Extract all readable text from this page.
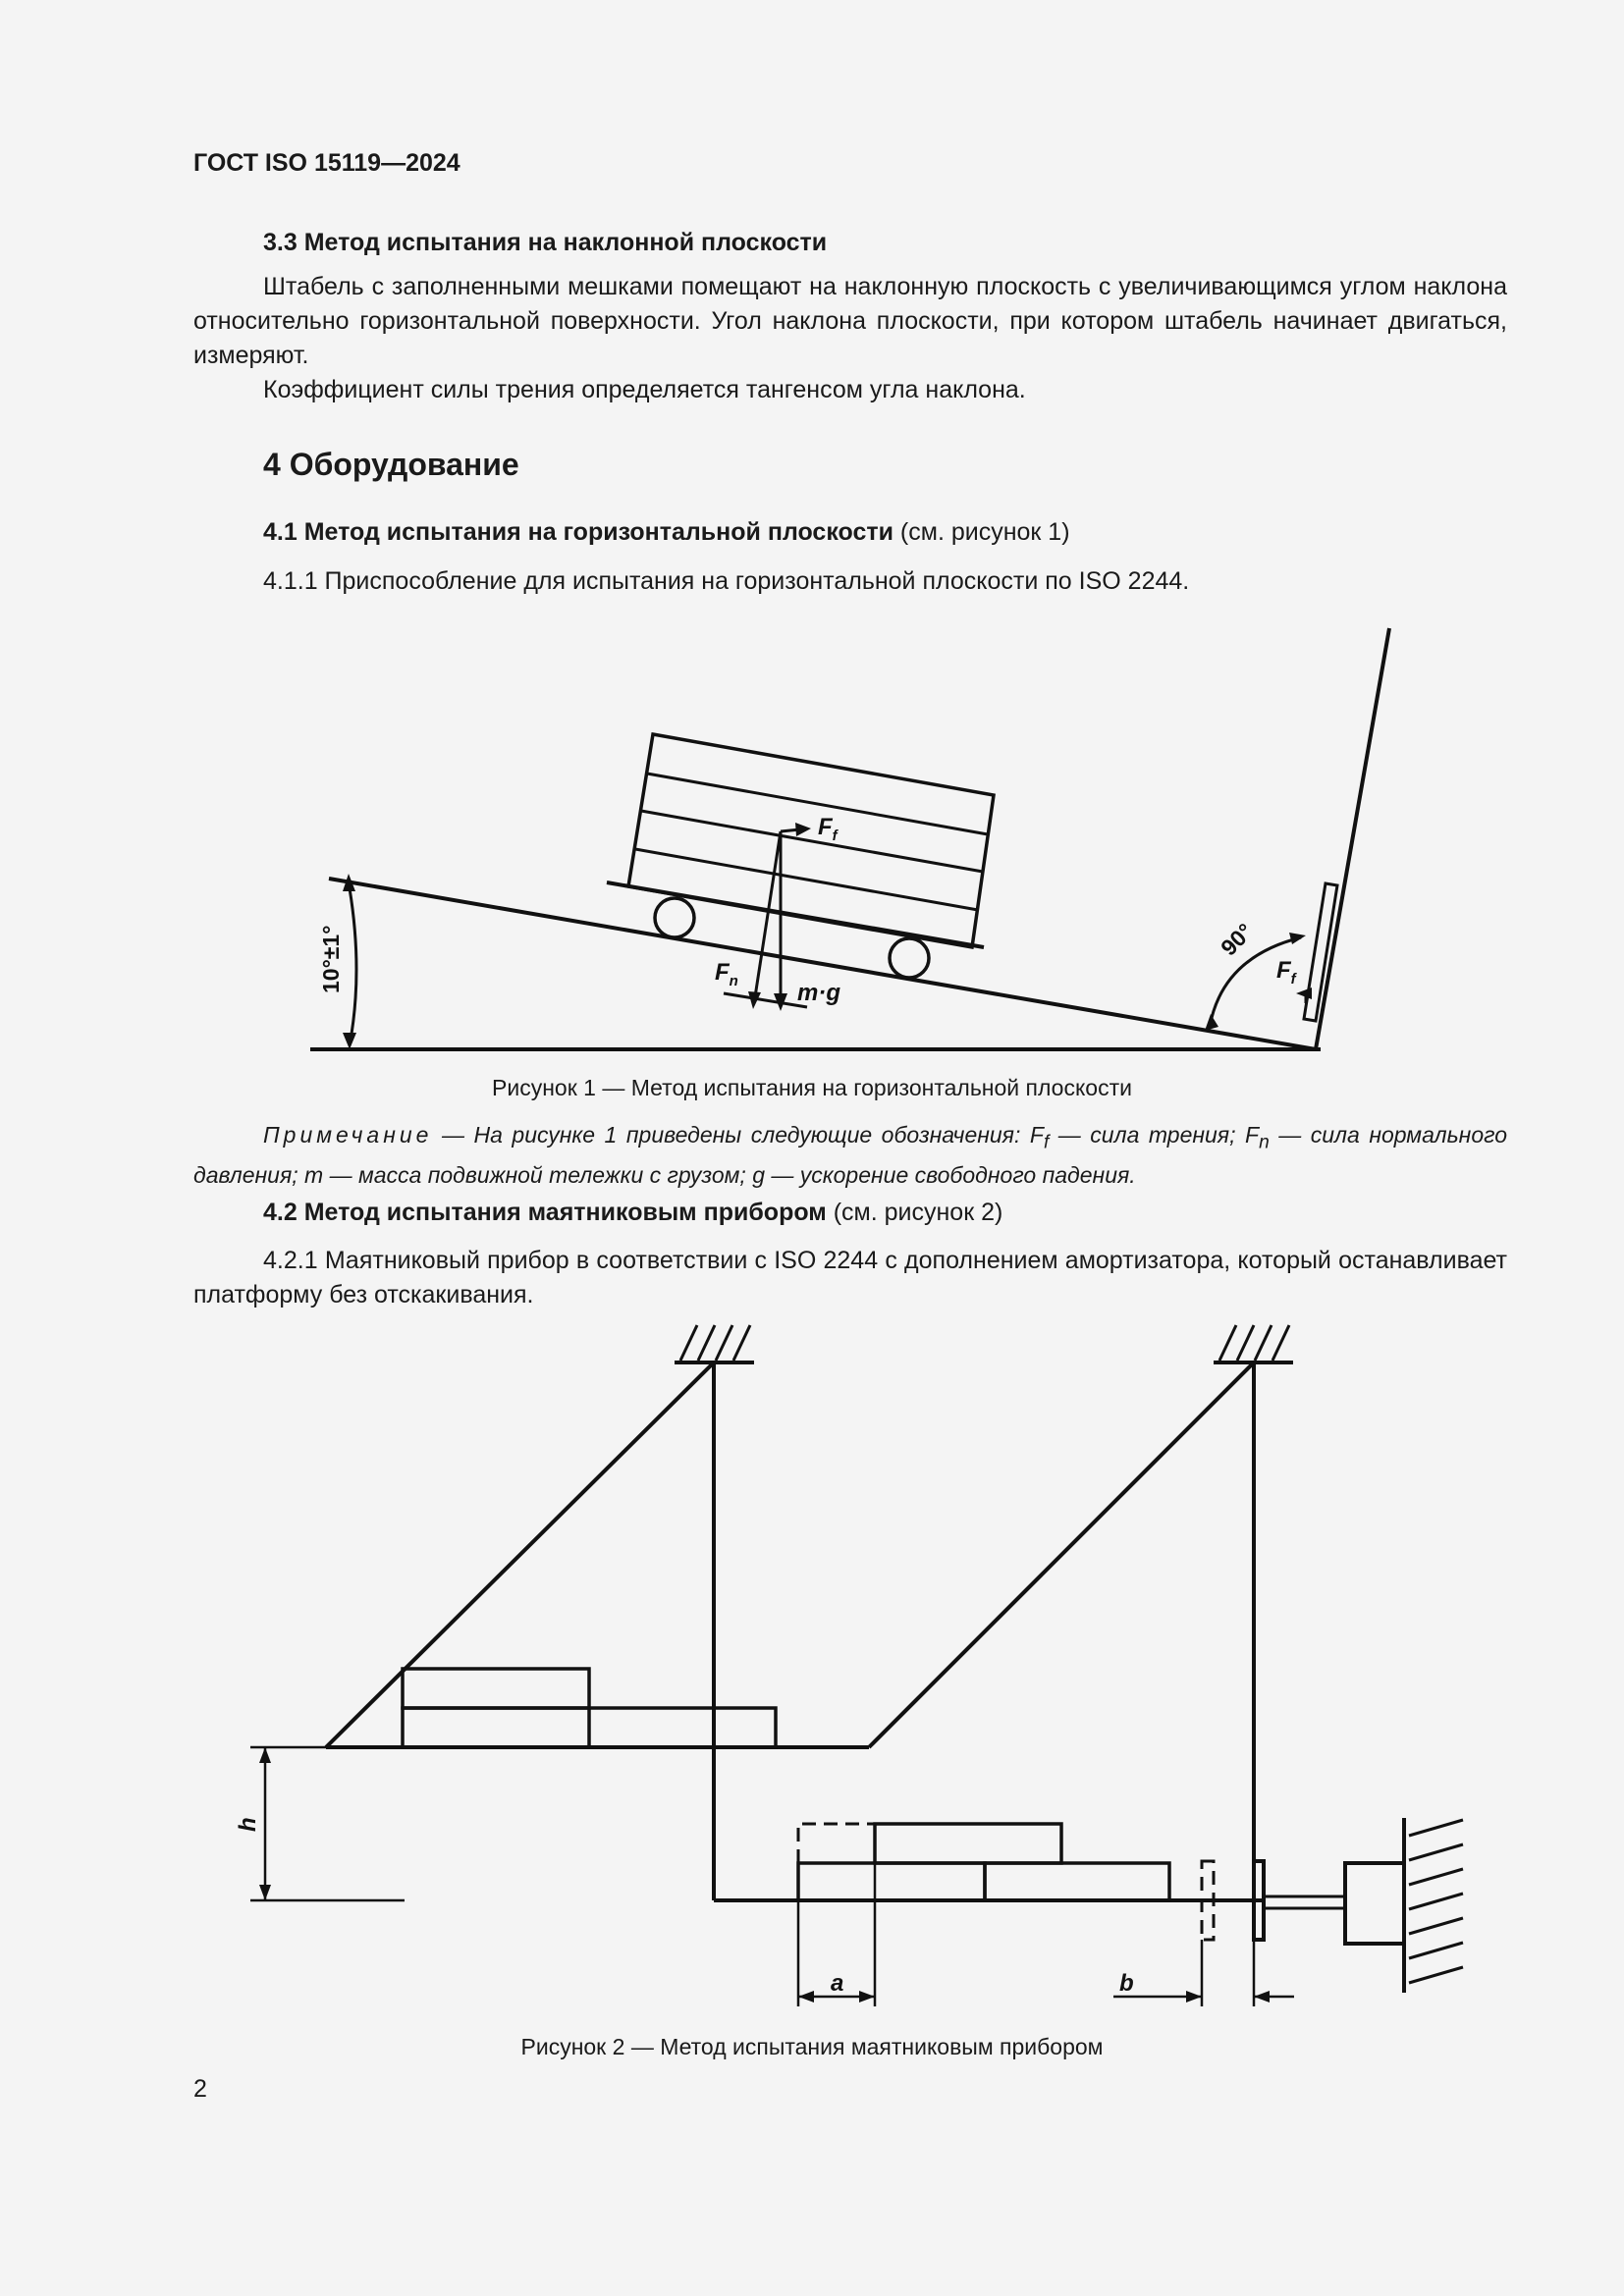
ГОСТ ISO 15119—2024
3.3 Метод испытания на наклонной плоскости
Штабель с заполненными мешками помещают на наклонную плоскость с увеличивающимся углом наклона относительно горизонтальной поверхности. Угол наклона плоскости, при котором штабель начинает двигаться, измеряют.
Коэффициент силы трения определяется тангенсом угла наклона.
4 Оборудование
4.1 Метод испытания на горизонтальной плоскости (см. рисунок 1)
4.1.1 Приспособление для испытания на горизонтальной плоскости по ISO 2244.
$F_f$
$F_n$	m·g
$F_f$
10°±1°	90°
h
a	b
Рисунок 1 — Метод испытания на горизонтальной плоскости
Примечание — На рисунке 1 приведены следующие обозначения: $F_f$ — сила трения; $F_n$ — сила нормального давления; m — масса подвижной тележки с грузом; g — ускорение свободного падения.
4.2 Метод испытания маятниковым прибором (см. рисунок 2)
4.2.1 Маятниковый прибор в соответствии с ISO 2244 с дополнением амортизатора, который останавливает платформу без отскакивания.
Рисунок 2 — Метод испытания маятниковым прибором
2
